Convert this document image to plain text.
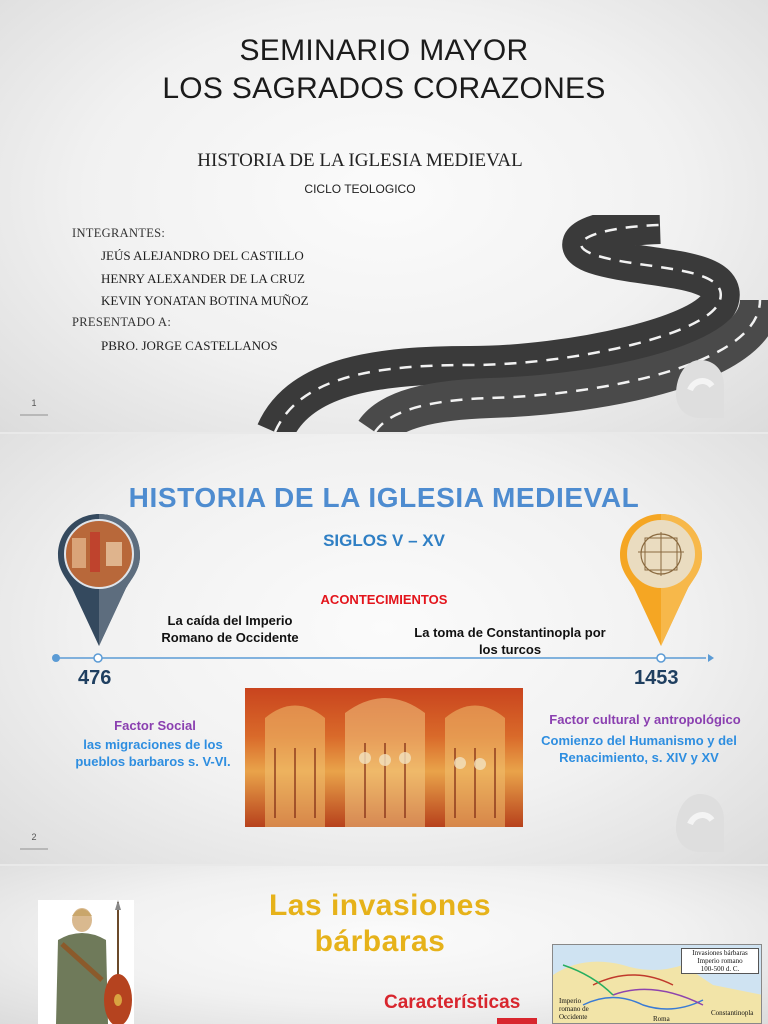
SEMINARIO MAYOR
LOS SAGRADOS CORAZONES
HISTORIA DE LA IGLESIA MEDIEVAL
CICLO TEOLOGICO
INTEGRANTES:
JEÚS ALEJANDRO DEL CASTILLO
HENRY ALEXANDER DE LA CRUZ
KEVIN YONATAN BOTINA MUÑOZ
PRESENTADO A:
PBRO. JORGE CASTELLANOS
1
HISTORIA DE LA IGLESIA MEDIEVAL
SIGLOS V – XV
ACONTECIMIENTOS
La caída del Imperio Romano de Occidente	La toma de Constantinopla por los turcos
476	1453
Factor Social
las migraciones de los pueblos barbaros s. V-VI.
Factor cultural y antropológico
Comienzo del Humanismo y del Renacimiento, s. XIV y XV
2
Las invasiones bárbaras
Características
Invasiones bárbaras
Imperio romano
100-500 d. C.
Imperio romano de Occidente	Roma
Constantinopla
